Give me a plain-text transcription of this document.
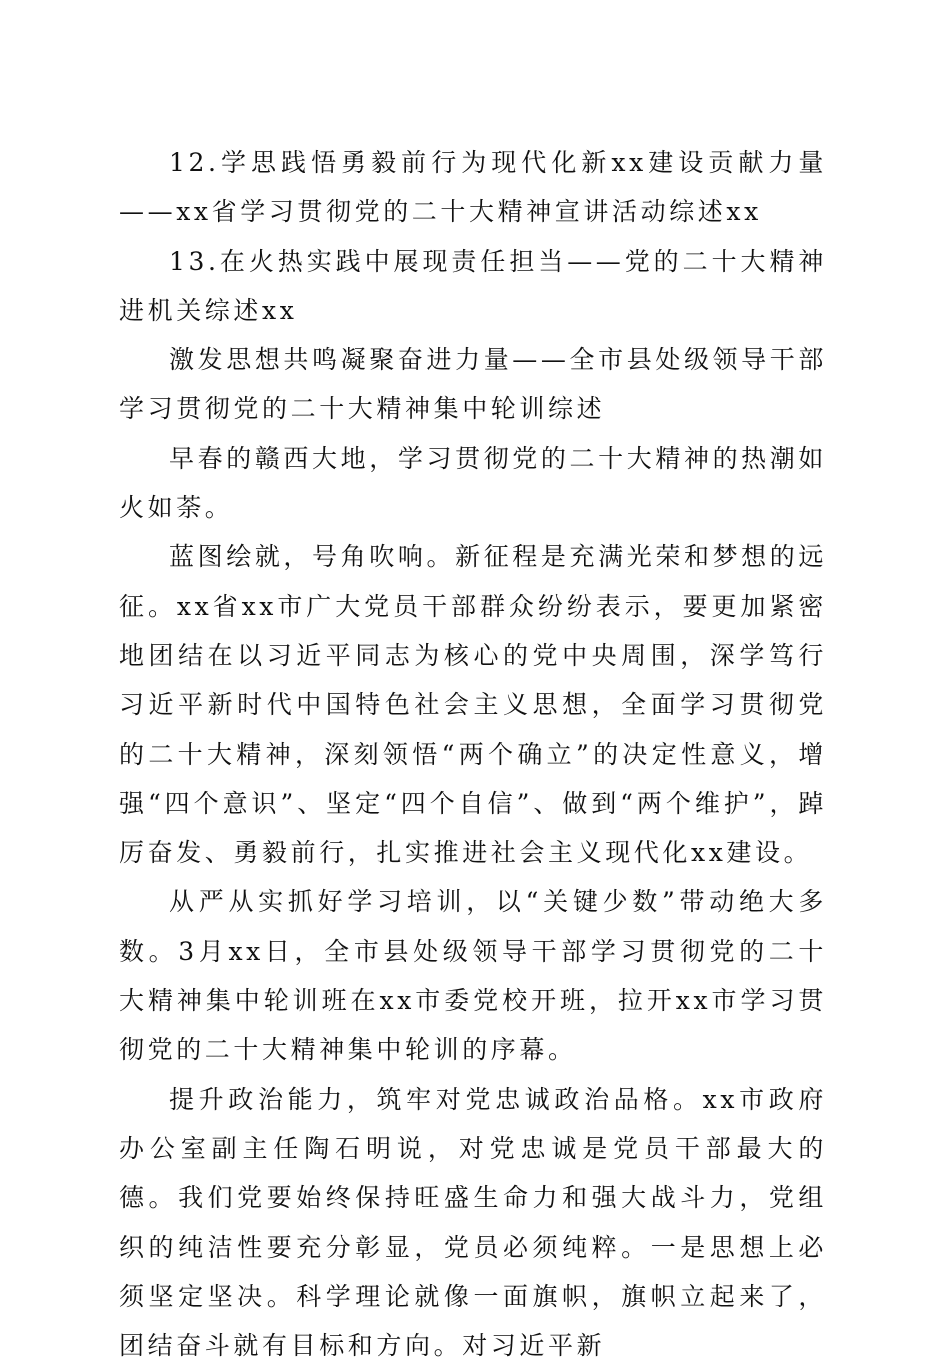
12.学思践悟勇毅前行为现代化新xx建设贡献力量——xx省学习贯彻党的二十大精神宣讲活动综述xx

13.在火热实践中展现责任担当——党的二十大精神进机关综述xx

激发思想共鸣凝聚奋进力量——全市县处级领导干部学习贯彻党的二十大精神集中轮训综述

早春的赣西大地，学习贯彻党的二十大精神的热潮如火如荼。

蓝图绘就，号角吹响。新征程是充满光荣和梦想的远征。xx省xx市广大党员干部群众纷纷表示，要更加紧密地团结在以习近平同志为核心的党中央周围，深学笃行习近平新时代中国特色社会主义思想，全面学习贯彻党的二十大精神，深刻领悟“两个确立”的决定性意义，增强“四个意识”、坚定“四个自信”、做到“两个维护”，踔厉奋发、勇毅前行，扎实推进社会主义现代化xx建设。

从严从实抓好学习培训，以“关键少数”带动绝大多数。3月xx日，全市县处级领导干部学习贯彻党的二十大精神集中轮训班在xx市委党校开班，拉开xx市学习贯彻党的二十大精神集中轮训的序幕。

提升政治能力，筑牢对党忠诚政治品格。xx市政府办公室副主任陶石明说，对党忠诚是党员干部最大的德。我们党要始终保持旺盛生命力和强大战斗力，党组织的纯洁性要充分彰显，党员必须纯粹。一是思想上必须坚定坚决。科学理论就像一面旗帜，旗帜立起来了，团结奋斗就有目标和方向。对习近平新
